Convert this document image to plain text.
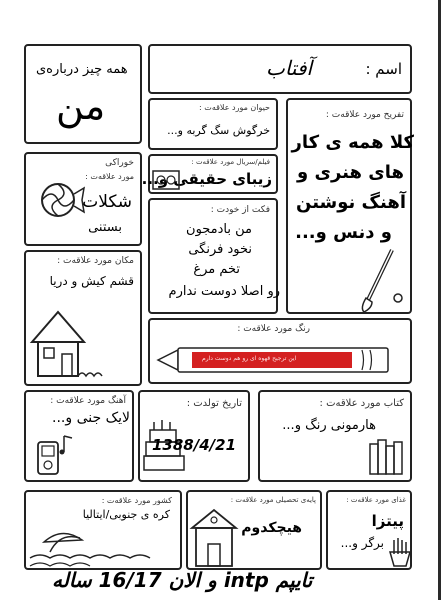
همه چیز درباره‌ی
من
اسم :
آفتاب
حیوان مورد علاقه‌ت :
خرگوش سگ گربه و...
تفریح مورد علاقه‌ت :
کلا همه ی کار
های هنری و
آهنگ نوشتن
و دنس و...
خوراکی
مورد علاقه‌ت :
شکلات
بستنی
فیلم/سریال مورد علاقه‌ت :
زیبای حقیقی و...
فکت از خودت :
من بادمجون
نخود فرنگی
تخم مرغ
رو اصلا دوست ندارم
مکان مورد علاقه‌ت :
قشم کیش و دریا
رنگ مورد علاقه‌ت :
این ترجیح قهوه ای رو هم دوست دارم
آهنگ مورد علاقه‌ت :
لایک جنی و...
تاریخ تولدت :
1388/4/21
کتاب مورد علاقه‌ت :
هارمونی رنگ و...
کشور مورد علاقه‌ت :
کره ی جنوبی/ایتالیا
پایه‌ی تحصیلی مورد علاقه‌ت :
هیچکدوم
غذای مورد علاقه‌ت :
پیتزا
برگر و...
تایپم intp و الان 16/17 ساله
